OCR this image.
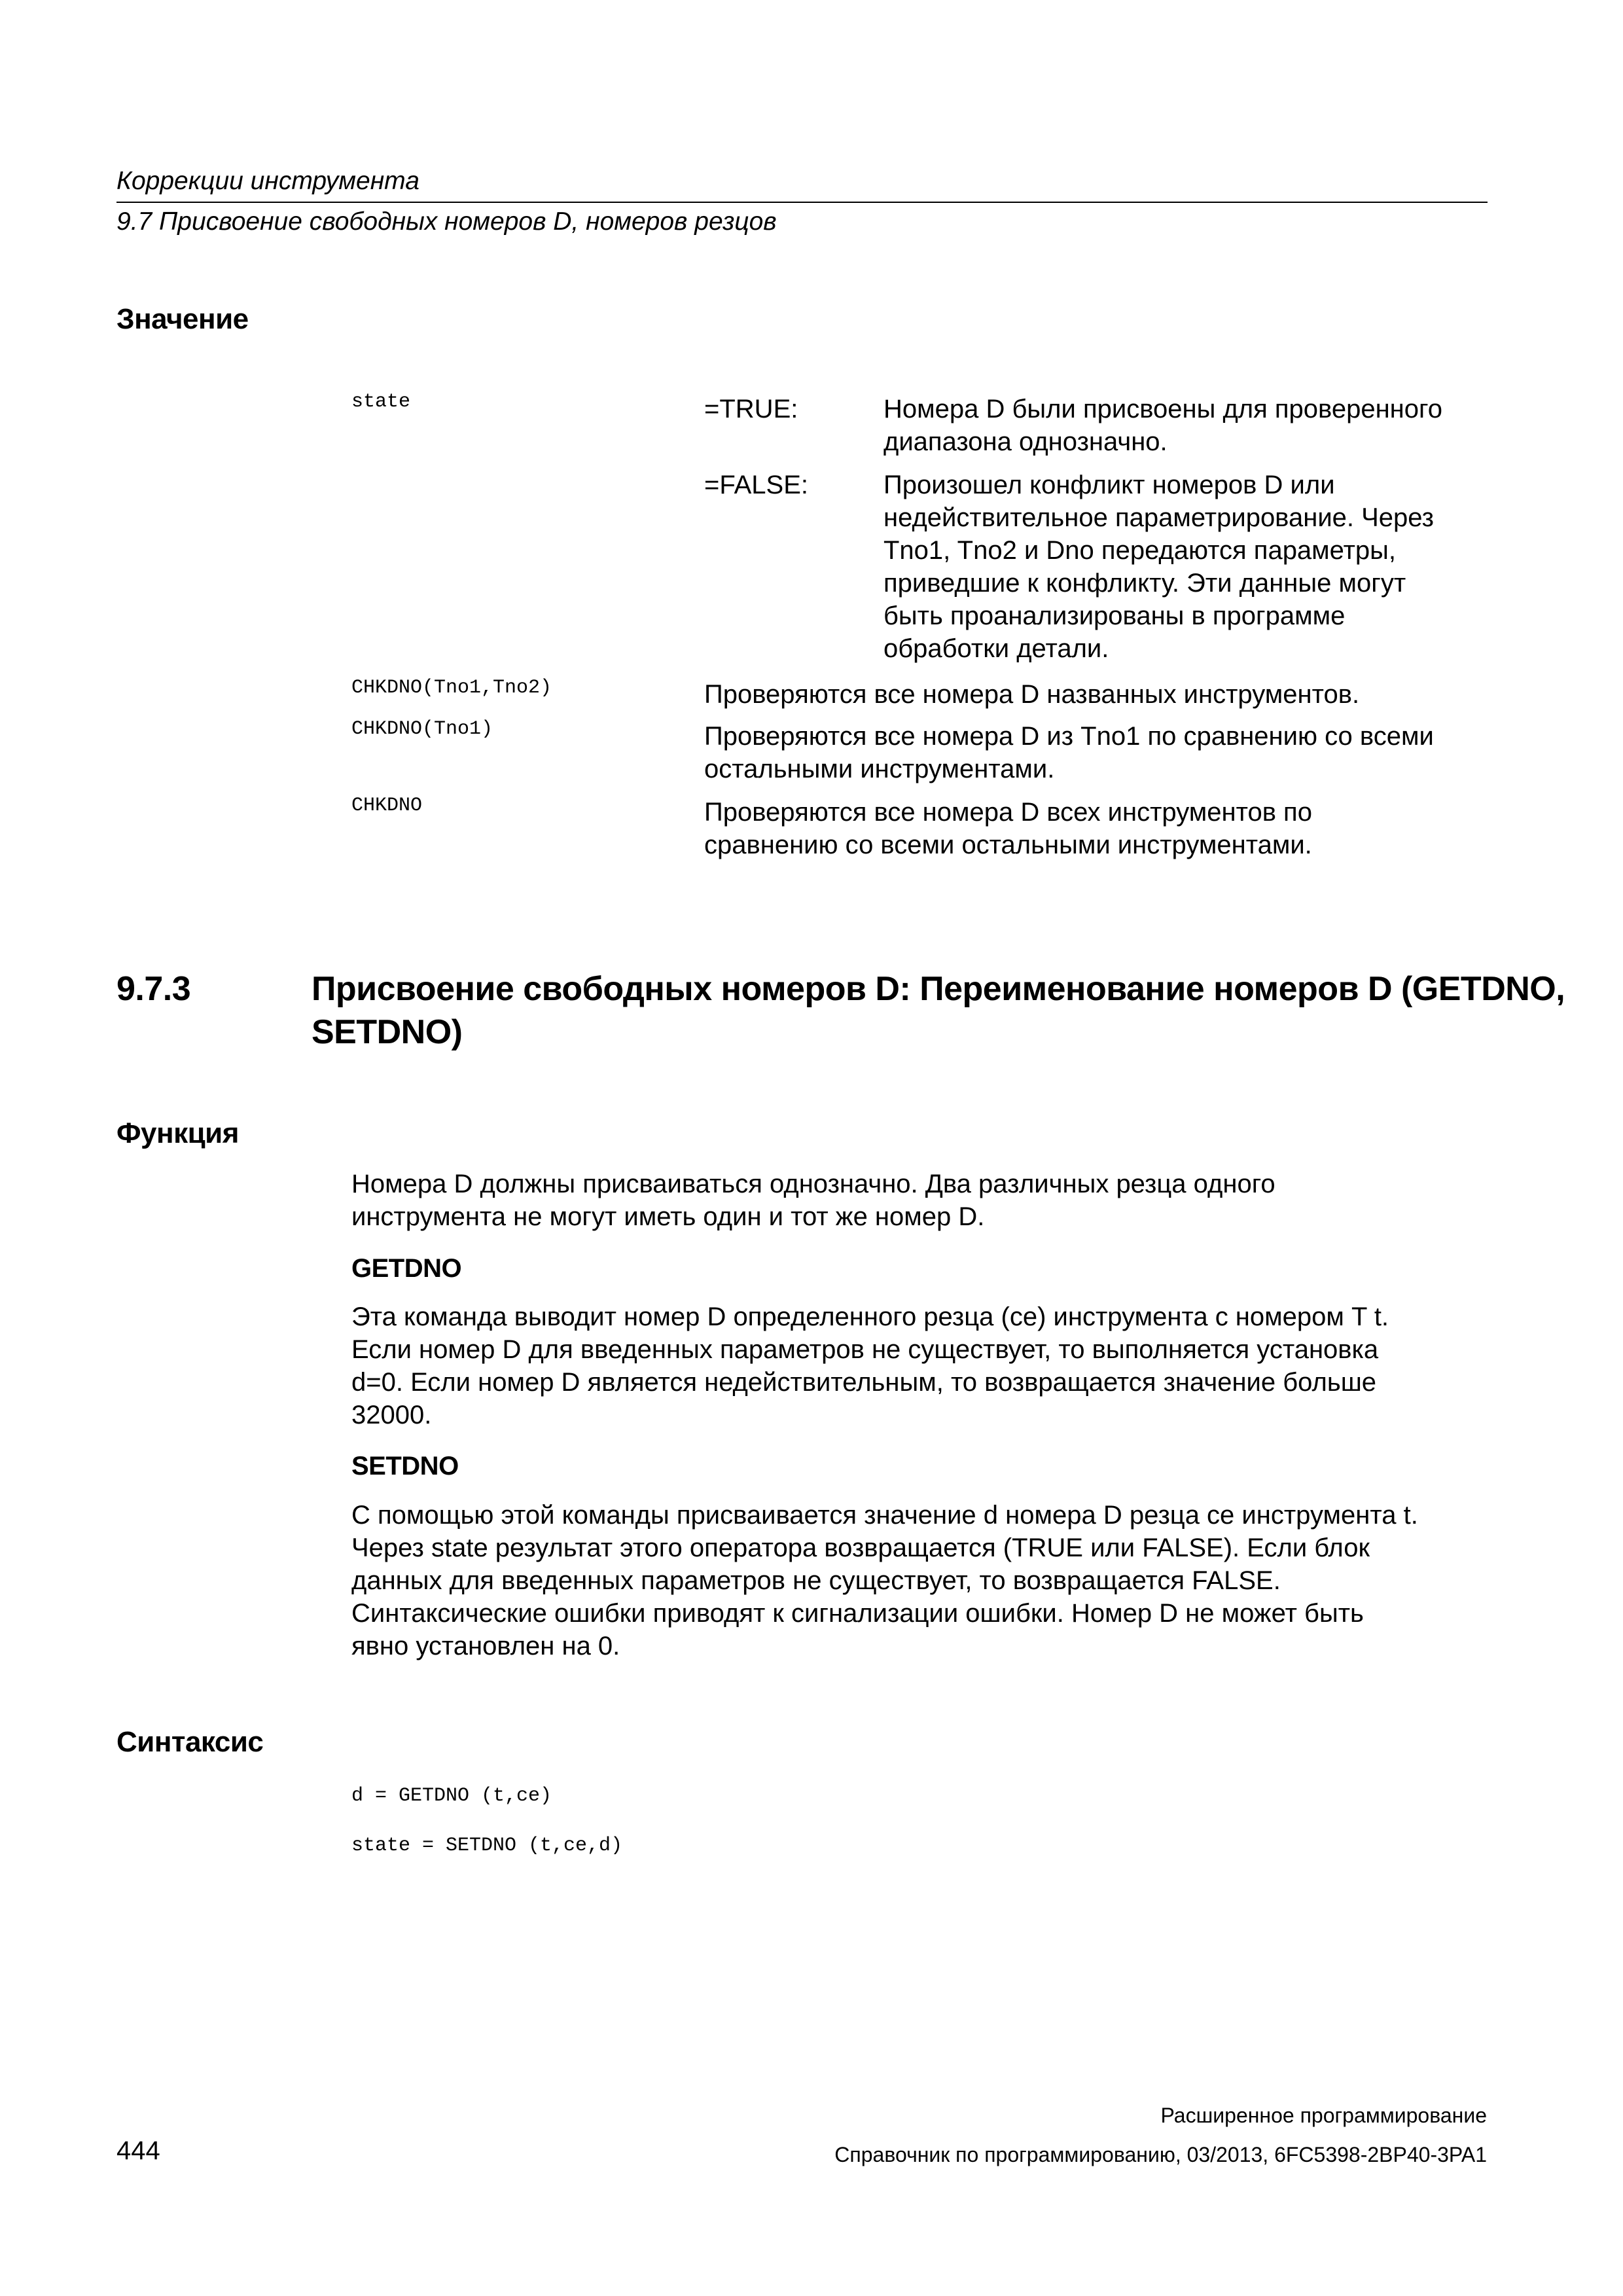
Коррекции инструмента
9.7 Присвоение свободных номеров D, номеров резцов
Значение
state	=TRUE:	Номера D были присвоены для проверенного
диапазона однозначно.
=FALSE:	Произошел конфликт номеров D или
недействительное параметрирование. Через
Tno1, Tno2 и Dno передаются параметры,
приведшие к конфликту. Эти данные могут
быть проанализированы в программе
обработки детали.
CHKDNO(Tno1,Tno2)	Проверяются все номера D названных инструментов.
CHKDNO(Tno1)	Проверяются все номера D из Tno1 по сравнению со всеми
остальными инструментами.
CHKDNO	Проверяются все номера D всех инструментов по
сравнению со всеми остальными инструментами.
9.7.3	Присвоение свободных номеров D: Переименование номеров D (GETDNO,
SETDNO)
Функция
Номера D должны присваиваться однозначно. Два различных резца одного
инструмента не могут иметь один и тот же номер D.
GETDNO
Эта команда выводит номер D определенного резца (ce) инструмента с номером T t.
Если номер D для введенных параметров не существует, то выполняется установка
d=0. Если номер D является недействительным, то возвращается значение больше
32000.
SETDNO
С помощью этой команды присваивается значение d номера D резца ce инструмента t.
Через state результат этого оператора возвращается (TRUE или FALSE). Если блок
данных для введенных параметров не существует, то возвращается FALSE.
Синтаксические ошибки приводят к сигнализации ошибки. Номер D не может быть
явно установлен на 0.
Синтаксис
d = GETDNO (t,ce)
state = SETDNO (t,ce,d)
Расширенное программирование
Справочник по программированию, 03/2013, 6FC5398-2BP40-3PA1
444
